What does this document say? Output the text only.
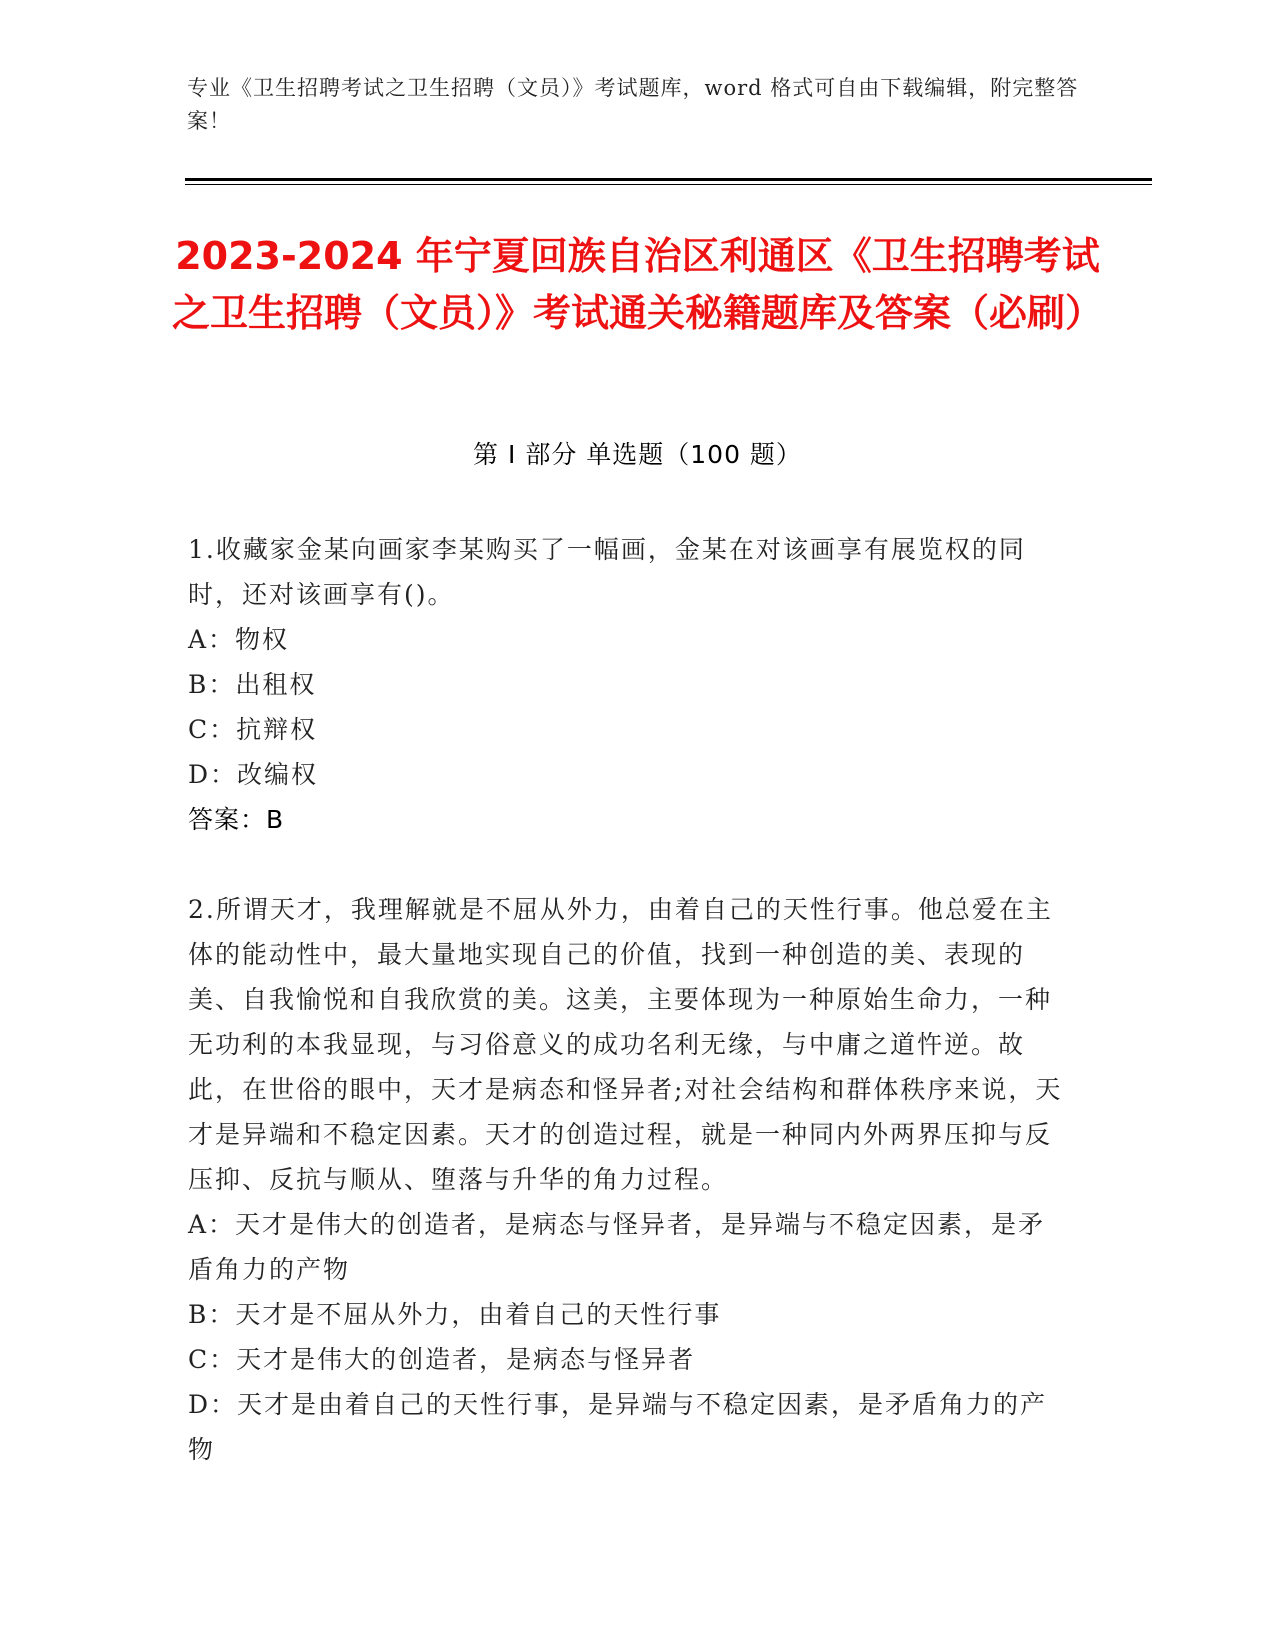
专业《卫生招聘考试之卫生招聘（文员）》考试题库，word 格式可自由下载编辑，附完整答案！
2023-2024 年宁夏回族自治区利通区《卫生招聘考试之卫生招聘（文员）》考试通关秘籍题库及答案（必刷）
第 I 部分 单选题（100 题）

1.收藏家金某向画家李某购买了一幅画，金某在对该画享有展览权的同时，还对该画享有()。

A：物权

B：出租权

C：抗辩权

D：改编权

答案：B

2.所谓天才，我理解就是不屈从外力，由着自己的天性行事。他总爱在主体的能动性中，最大量地实现自己的价值，找到一种创造的美、表现的美、自我愉悦和自我欣赏的美。这美，主要体现为一种原始生命力，一种无功利的本我显现，与习俗意义的成功名利无缘，与中庸之道忤逆。故此，在世俗的眼中，天才是病态和怪异者;对社会结构和群体秩序来说，天才是异端和不稳定因素。天才的创造过程，就是一种同内外两界压抑与反压抑、反抗与顺从、堕落与升华的角力过程。

A：天才是伟大的创造者，是病态与怪异者，是异端与不稳定因素，是矛盾角力的产物

B：天才是不屈从外力，由着自己的天性行事

C：天才是伟大的创造者，是病态与怪异者

D：天才是由着自己的天性行事，是异端与不稳定因素，是矛盾角力的产物
